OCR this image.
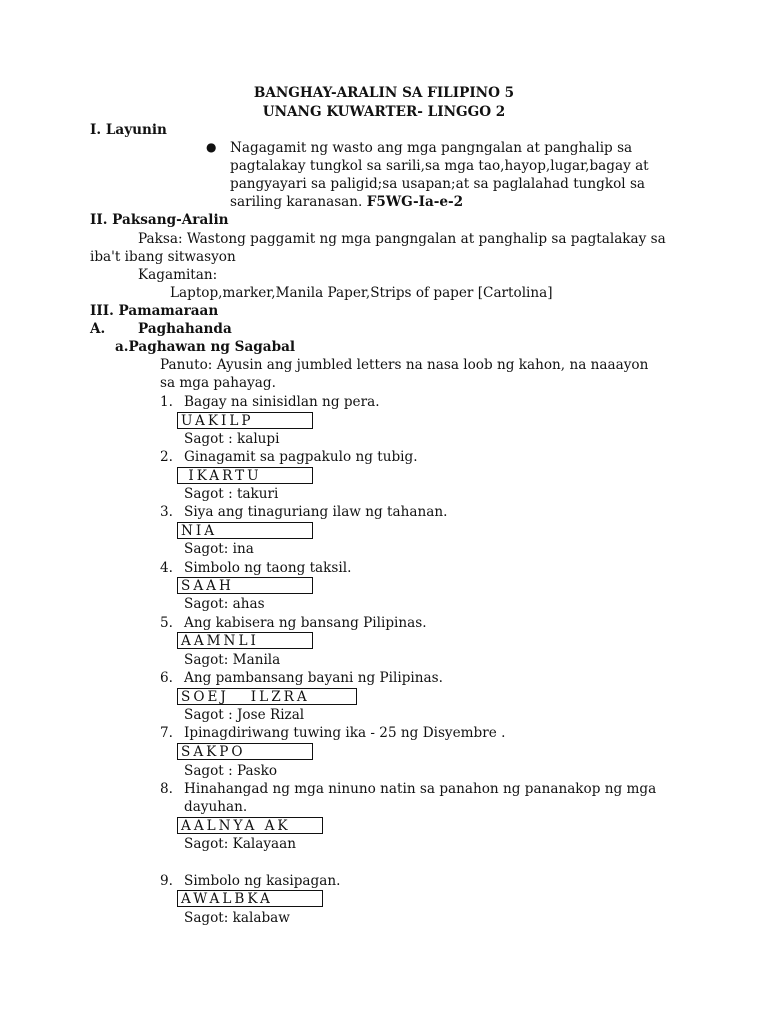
BANGHAY-ARALIN SA FILIPINO 5
UNANG KUWARTER- LINGGO 2
I. Layunin
● Nagagamit ng wasto ang mga pangngalan at panghalip sa
pagtalakay tungkol sa sarili,sa mga tao,hayop,lugar,bagay at
pangyayari sa paligid;sa usapan;at sa paglalahad tungkol sa
sariling karanasan. F5WG-Ia-e-2
II. Paksang-Aralin
Paksa: Wastong paggamit ng mga pangngalan at panghalip sa pagtalakay sa
iba't ibang sitwasyon
Kagamitan:
Laptop,marker,Manila Paper,Strips of paper [Cartolina]
III. Pamamaraan
A. Paghahanda
a.Paghawan ng Sagabal
Panuto: Ayusin ang jumbled letters na nasa loob ng kahon, na naaayon
sa mga pahayag.
1. Bagay na sinisidlan ng pera.
UAKILP
Sagot : kalupi
2. Ginagamit sa pagpakulo ng tubig.
IKARTU
Sagot : takuri
3. Siya ang tinaguriang ilaw ng tahanan.
NIA
Sagot: ina
4. Simbolo ng taong taksil.
SAAH
Sagot: ahas
5. Ang kabisera ng bansang Pilipinas.
AAMNLI
Sagot: Manila
6. Ang pambansang bayani ng Pilipinas.
SOEJ   ILZRA
Sagot : Jose Rizal
7. Ipinagdiriwang tuwing ika - 25 ng Disyembre .
SAKPO
Sagot : Pasko
8. Hinahangad ng mga ninuno natin sa panahon ng pananakop ng mga
dayuhan.
AALNYA AK
Sagot: Kalayaan
9. Simbolo ng kasipagan.
AWALBKA
Sagot: kalabaw
